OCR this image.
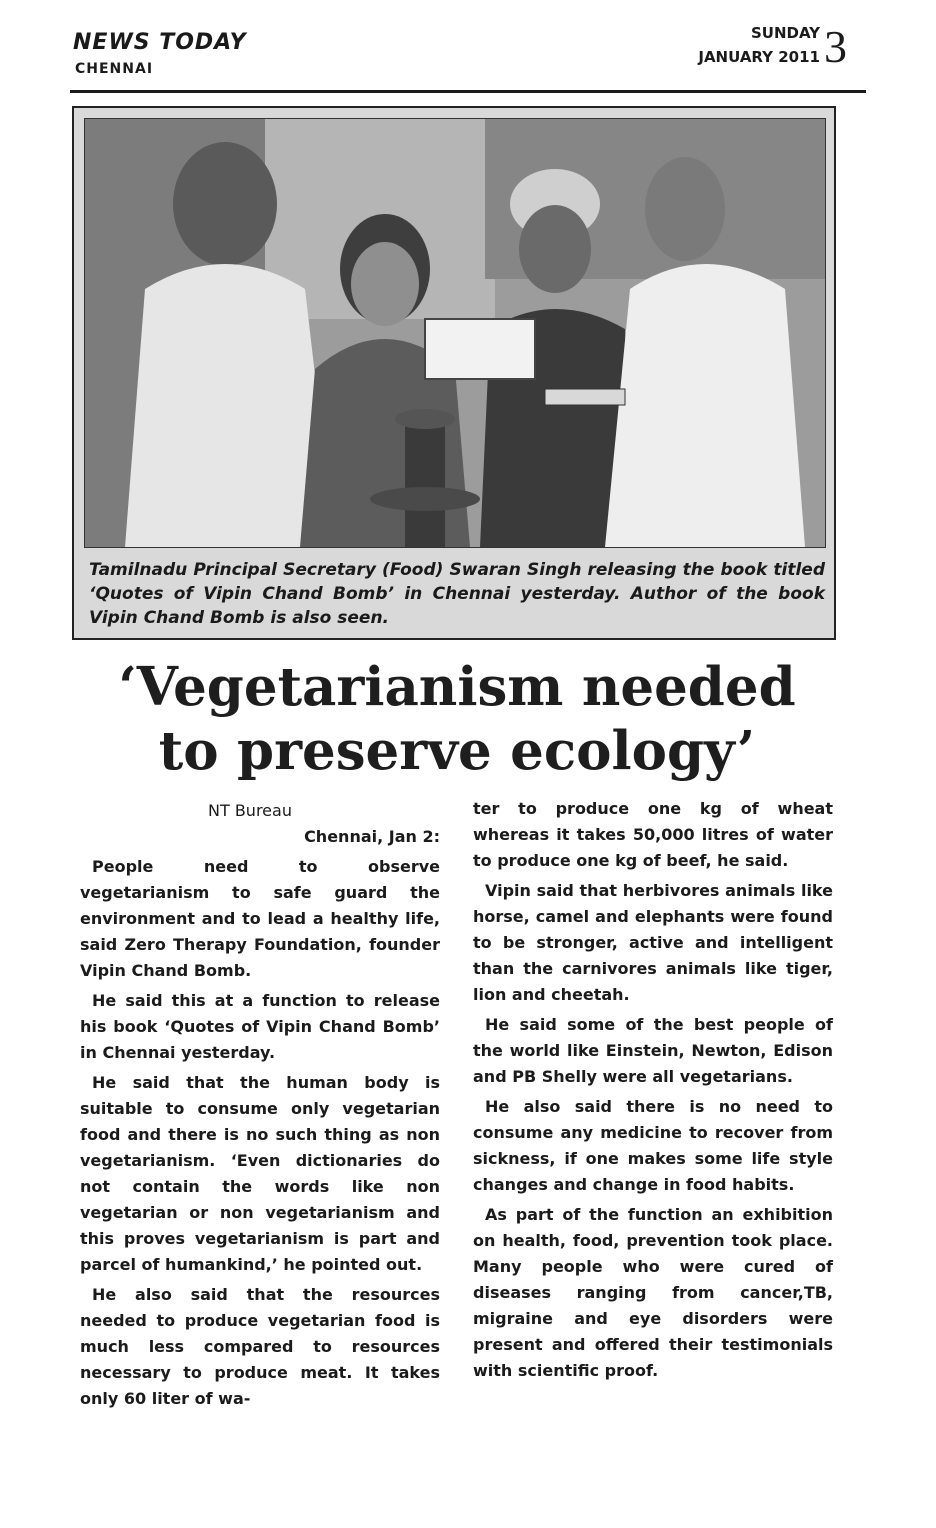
NEWS TODAY
CHENNAI
SUNDAY
JANUARY 2011 3
Tamilnadu Principal Secretary (Food) Swaran Singh releasing the book titled ‘Quotes of Vipin Chand Bomb’ in Chennai yesterday. Author of the book Vipin Chand Bomb is also seen.
‘Vegetarianism needed
to preserve ecology’

NT Bureau

Chennai, Jan 2:

People need to observe vegetarianism to safe guard the environment and to lead a healthy life, said Zero Therapy Foundation, founder Vipin Chand Bomb.

He said this at a function to release his book ‘Quotes of Vipin Chand Bomb’ in Chennai yesterday.

He said that the human body is suitable to consume only vegetarian food and there is no such thing as non vegetarianism. ‘Even dictionaries do not contain the words like non vegetarian or non vegetarianism and this proves vegetarianism is part and parcel of humankind,’ he pointed out.

He also said that the resources needed to produce vegetarian food is much less compared to resources necessary to produce meat. It takes only 60 liter of wa-

ter to produce one kg of wheat whereas it takes 50,000 litres of water to produce one kg of beef, he said.

Vipin said that herbivores animals like horse, camel and elephants were found to be stronger, active and intelligent than the carnivores animals like tiger, lion and cheetah.

He said some of the best people of the world like Einstein, Newton, Edison and PB Shelly were all vegetarians.

He also said there is no need to consume any medicine to recover from sickness, if one makes some life style changes and change in food habits.

As part of the function an exhibition on health, food, prevention took place. Many people who were cured of diseases ranging from cancer,TB, migraine and eye disorders were present and offered their testimonials with scientific proof.
